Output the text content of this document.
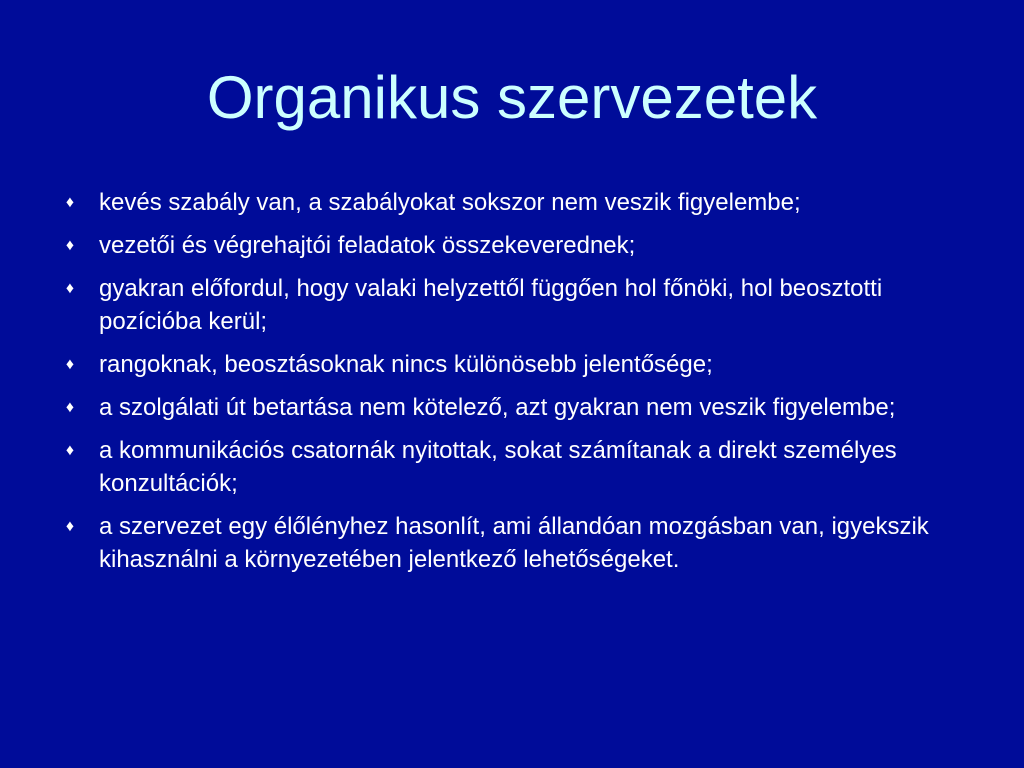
Organikus szervezetek
♦ kevés szabály van, a szabályokat sokszor nem veszik figyelembe;
♦ vezetői és végrehajtói feladatok összekeverednek;
♦ gyakran előfordul, hogy valaki helyzettől függően hol főnöki, hol beosztotti pozícióba kerül;
♦ rangoknak, beosztásoknak nincs különösebb jelentősége;
♦ a szolgálati út betartása nem kötelező, azt gyakran nem veszik figyelembe;
♦ a kommunikációs csatornák nyitottak, sokat számítanak a direkt személyes konzultációk;
♦ a szervezet egy élőlényhez hasonlít, ami állandóan mozgásban van, igyekszik kihasználni a környezetében jelentkező lehetőségeket.
